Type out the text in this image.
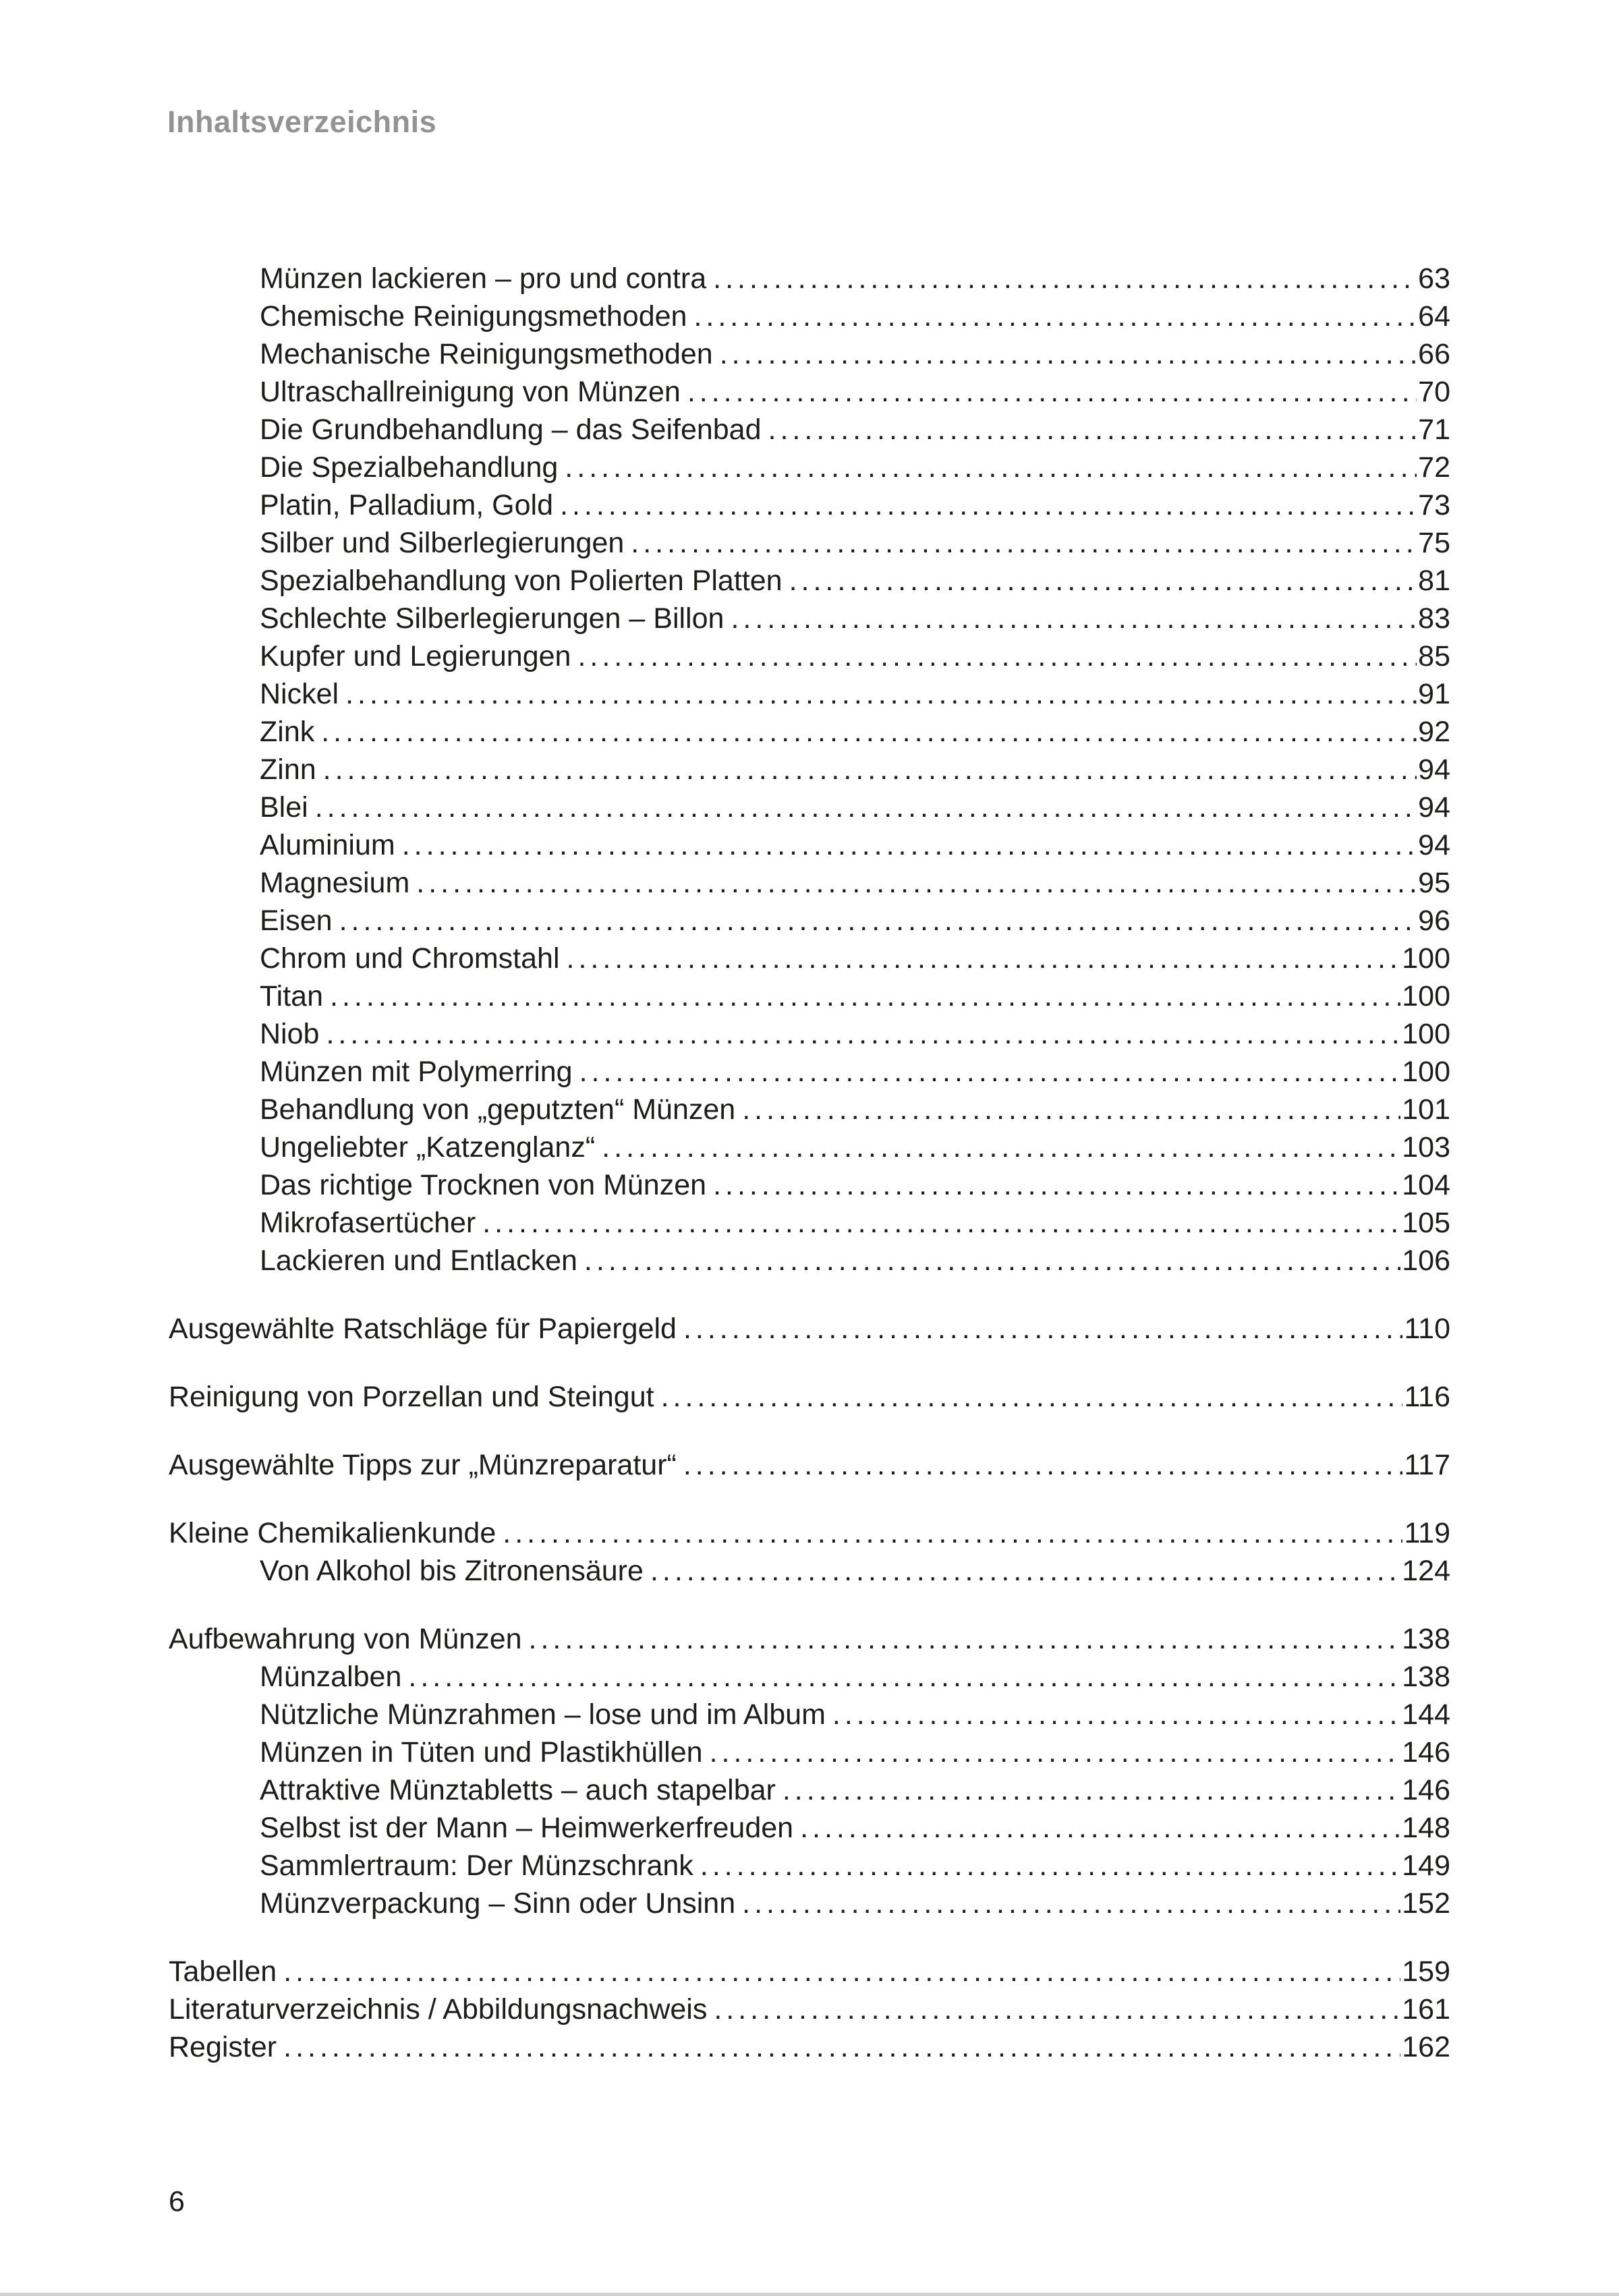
Inhaltsverzeichnis
Münzen lackieren – pro und contra .....	63
Chemische Reinigungsmethoden .....	64
Mechanische Reinigungsmethoden .....	66
Ultraschallreinigung von Münzen .....	70
Die Grundbehandlung – das Seifenbad .....	71
Die Spezialbehandlung .....	72
Platin, Palladium, Gold .....	73
Silber und Silberlegierungen .....	75
Spezialbehandlung von Polierten Platten .....	81
Schlechte Silberlegierungen – Billon .....	83
Kupfer und Legierungen .....	85
Nickel .....	91
Zink .....	92
Zinn .....	94
Blei .....	94
Aluminium .....	94
Magnesium .....	95
Eisen .....	96
Chrom und Chromstahl .....	100
Titan .....	100
Niob .....	100
Münzen mit Polymerring .....	100
Behandlung von „geputzten“ Münzen .....	101
Ungeliebter „Katzenglanz“ .....	103
Das richtige Trocknen von Münzen .....	104
Mikrofasertücher .....	105
Lackieren und Entlacken .....	106
Ausgewählte Ratschläge für Papiergeld .....	110
Reinigung von Porzellan und Steingut .....	116
Ausgewählte Tipps zur „Münzreparatur“ .....	117
Kleine Chemikalienkunde .....	119
Von Alkohol bis Zitronensäure .....	124
Aufbewahrung von Münzen .....	138
Münzalben .....	138
Nützliche Münzrahmen – lose und im Album .....	144
Münzen in Tüten und Plastikhüllen .....	146
Attraktive Münztabletts – auch stapelbar .....	146
Selbst ist der Mann – Heimwerkerfreuden .....	148
Sammlertraum: Der Münzschrank .....	149
Münzverpackung – Sinn oder Unsinn .....	152
Tabellen .....	159
Literaturverzeichnis / Abbildungsnachweis .....	161
Register .....	162
6
